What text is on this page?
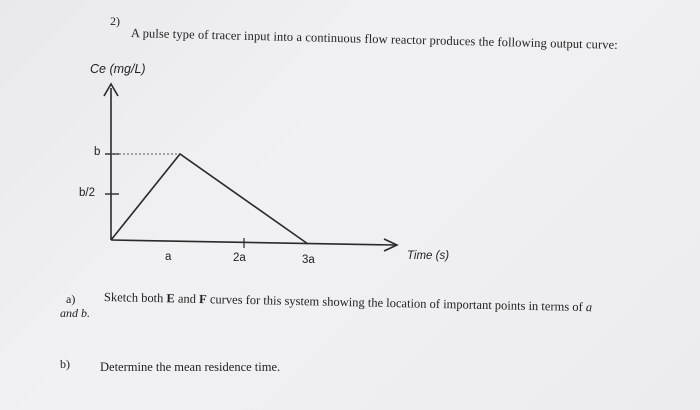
2)
A pulse type of tracer input into a continuous flow reactor produces the following output curve:
Ce (mg/L)
b
b/2
a	2a	3a	Time (s)
a)
and b.
Sketch both E and F curves for this system showing the location of important points in terms of a
b) Determine the mean residence time.
